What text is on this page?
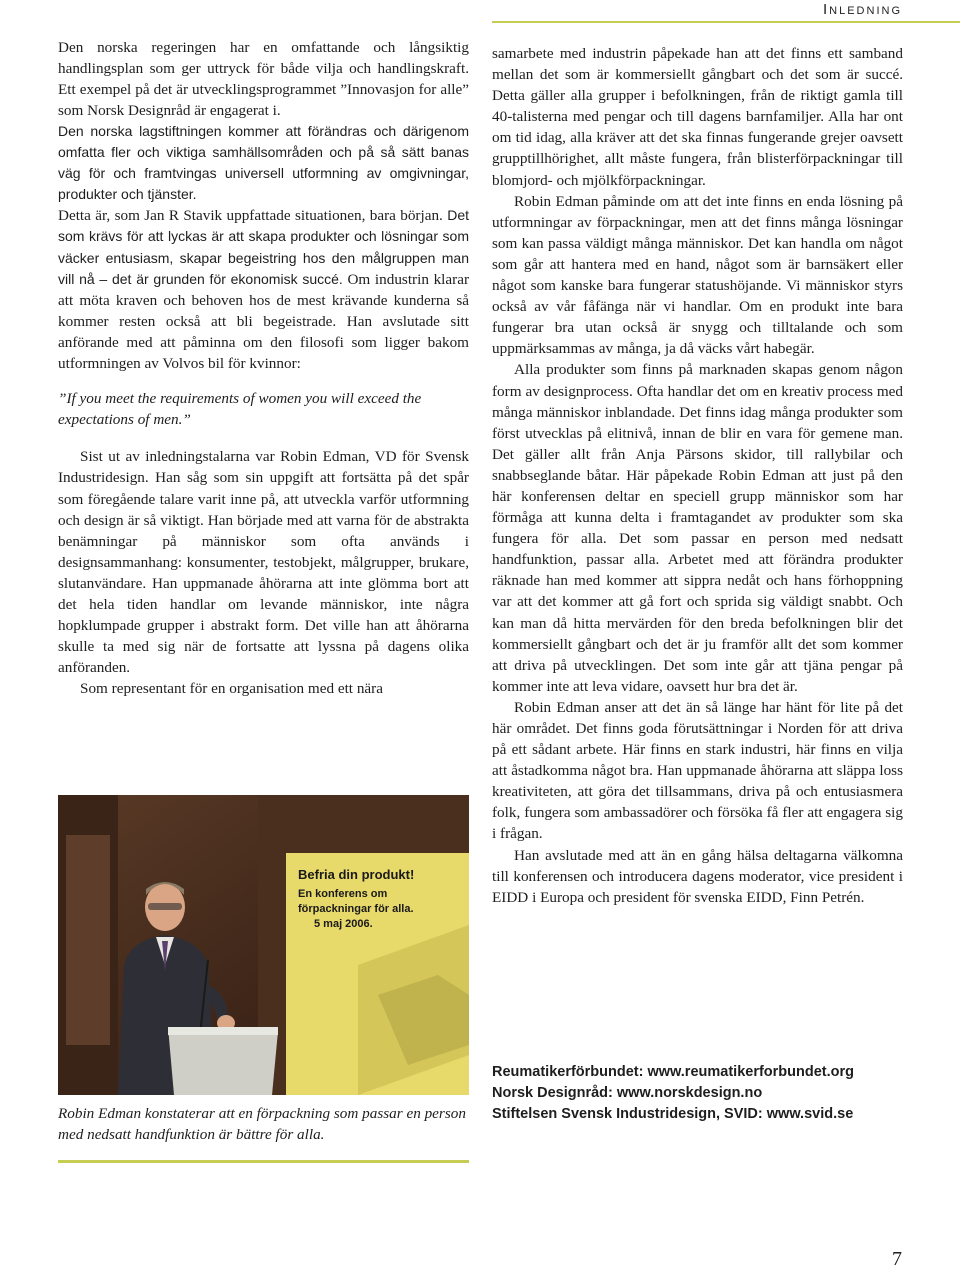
Inledning

Den norska regeringen har en omfattande och långsiktig handlingsplan som ger uttryck för både vilja och handlingskraft. Ett exempel på det är utvecklingsprogrammet ”Innovasjon for alle” som Norsk Designråd är engagerat i.

Den norska lagstiftningen kommer att förändras och därigenom omfatta fler och viktiga samhällsområden och på så sätt banas väg för och framtvingas universell utformning av omgivningar, produkter och tjänster.

Detta är, som Jan R Stavik uppfattade situationen, bara början. Det som krävs för att lyckas är att skapa produkter och lösningar som väcker entusiasm, skapar begeistring hos den målgruppen man vill nå – det är grunden för ekonomisk succé. Om industrin klarar att möta kraven och behoven hos de mest krävande kunderna så kommer resten också att bli begeistrade. Han avslutade sitt anförande med att påminna om den filosofi som ligger bakom utformningen av Volvos bil för kvinnor:

”If you meet the requirements of women you will exceed the expectations of men.”

Sist ut av inledningstalarna var Robin Edman, VD för Svensk Industridesign. Han såg som sin uppgift att fortsätta på det spår som föregående talare varit inne på, att utveckla varför utformning och design är så viktigt. Han började med att varna för de abstrakta benämningar på människor som ofta används i designsammanhang: konsumenter, testobjekt, målgrupper, brukare, slutanvändare. Han uppmanade åhörarna att inte glömma bort att det hela tiden handlar om levande människor, inte några hopklumpade grupper i abstrakt form. Det ville han att åhörarna skulle ta med sig när de fortsatte att lyssna på dagens olika anföranden.

Som representant för en organisation med ett nära

Befria din produkt!
En konferens om
förpackningar för alla.
5 maj 2006.
Robin Edman konstaterar att en förpackning som passar en person med nedsatt handfunktion är bättre för alla.

samarbete med industrin påpekade han att det finns ett samband mellan det som är kommersiellt gångbart och det som är succé. Detta gäller alla grupper i befolkningen, från de riktigt gamla till 40-talisterna med pengar och till dagens barnfamiljer. Alla har ont om tid idag, alla kräver att det ska finnas fungerande grejer oavsett grupptillhörighet, allt måste fungera, från blisterförpackningar till blomjord- och mjölkförpackningar.

Robin Edman påminde om att det inte finns en enda lösning på utformningar av förpackningar, men att det finns många lösningar som kan passa väldigt många människor. Det kan handla om något som går att hantera med en hand, något som är barnsäkert eller något som kanske bara fungerar statushöjande. Vi människor styrs också av vår fåfänga när vi handlar. Om en produkt inte bara fungerar bra utan också är snygg och tilltalande och som uppmärksammas av många, ja då väcks vårt habegär.

Alla produkter som finns på marknaden skapas genom någon form av designprocess. Ofta handlar det om en kreativ process med många människor inblandade. Det finns idag många produkter som först utvecklas på elitnivå, innan de blir en vara för gemene man. Det gäller allt från Anja Pärsons skidor, till rallybilar och snabbseglande båtar. Här påpekade Robin Edman att just på den här konferensen deltar en speciell grupp människor som har förmåga att kunna delta i framtagandet av produkter som ska fungera för alla. Det som passar en person med nedsatt handfunktion, passar alla. Arbetet med att förändra produkter räknade han med kommer att sippra nedåt och hans förhoppning var att det kommer att gå fort och sprida sig väldigt snabbt. Och kan man då hitta mervärden för den breda befolkningen blir det kommersiellt gångbart och det är ju framför allt det som kommer att driva på utvecklingen. Det som inte går att tjäna pengar på kommer inte att leva vidare, oavsett hur bra det är.

Robin Edman anser att det än så länge har hänt för lite på det här området. Det finns goda förutsättningar i Norden för att driva på ett sådant arbete. Här finns en stark industri, här finns en vilja att åstadkomma något bra. Han uppmanade åhörarna att släppa loss kreativiteten, att göra det tillsammans, driva på och entusiasmera folk, fungera som ambassadörer och försöka få fler att engagera sig i frågan.

Han avslutade med att än en gång hälsa deltagarna välkomna till konferensen och introducera dagens moderator, vice president i EIDD i Europa och president för svenska EIDD, Finn Petrén.

Reumatikerförbundet: www.reumatikerforbundet.org
Norsk Designråd: www.norskdesign.no
Stiftelsen Svensk Industridesign, SVID: www.svid.se
7
